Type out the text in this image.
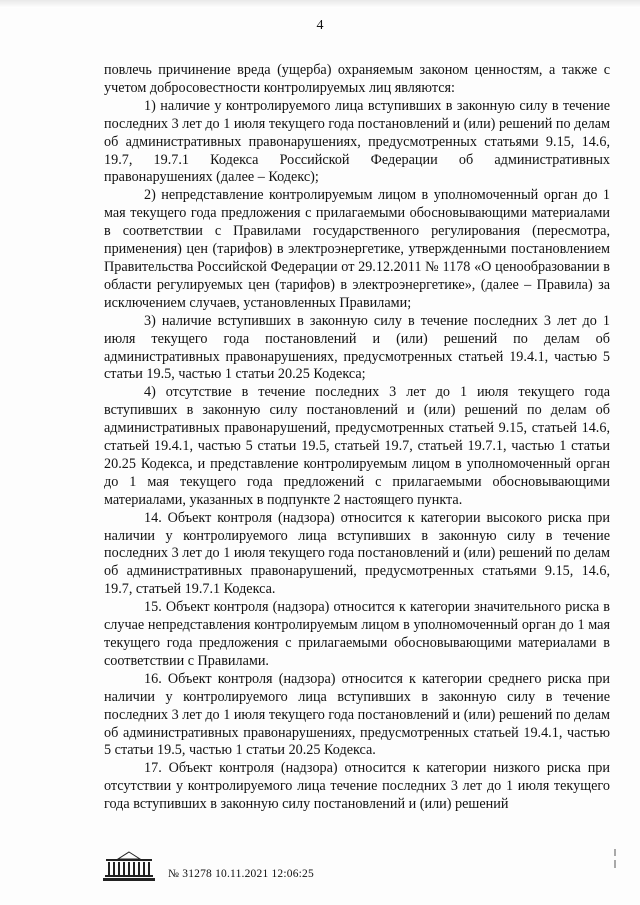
4

повлечь причинение вреда (ущерба) охраняемым законом ценностям, а также с учетом добросовестности контролируемых лиц являются:

1) наличие у контролируемого лица вступивших в законную силу в течение последних 3 лет до 1 июля текущего года постановлений и (или) решений по делам об административных правонарушениях, предусмотренных статьями 9.15, 14.6, 19.7, 19.7.1 Кодекса Российской Федерации об административных правонарушениях (далее – Кодекс);

2) непредставление контролируемым лицом в уполномоченный орган до 1 мая текущего года предложения с прилагаемыми обосновывающими материалами в соответствии с Правилами государственного регулирования (пересмотра, применения) цен (тарифов) в электроэнергетике, утвержденными постановлением Правительства Российской Федерации от 29.12.2011 № 1178 «О ценообразовании в области регулируемых цен (тарифов) в электроэнергетике», (далее – Правила) за исключением случаев, установленных Правилами;

3) наличие вступивших в законную силу в течение последних 3 лет до 1 июля текущего года постановлений и (или) решений по делам об административных правонарушениях, предусмотренных статьей 19.4.1, частью 5 статьи 19.5, частью 1 статьи 20.25 Кодекса;

4) отсутствие в течение последних 3 лет до 1 июля текущего года вступивших в законную силу постановлений и (или) решений по делам об административных правонарушений, предусмотренных статьей 9.15, статьей 14.6, статьей 19.4.1, частью 5 статьи 19.5, статьей 19.7, статьей 19.7.1, частью 1 статьи 20.25 Кодекса, и представление контролируемым лицом в уполномоченный орган до 1 мая текущего года предложений с прилагаемыми обосновывающими материалами, указанных в подпункте 2 настоящего пункта.

14. Объект контроля (надзора) относится к категории высокого риска при наличии у контролируемого лица вступивших в законную силу в течение последних 3 лет до 1 июля текущего года постановлений и (или) решений по делам об административных правонарушений, предусмотренных статьями 9.15, 14.6, 19.7, статьей 19.7.1 Кодекса.

15. Объект контроля (надзора) относится к категории значительного риска в случае непредставления контролируемым лицом в уполномоченный орган до 1 мая текущего года предложения с прилагаемыми обосновывающими материалами в соответствии с Правилами.

16. Объект контроля (надзора) относится к категории среднего риска при наличии у контролируемого лица вступивших в законную силу в течение последних 3 лет до 1 июля текущего года постановлений и (или) решений по делам об административных правонарушениях, предусмотренных статьей 19.4.1, частью 5 статьи 19.5, частью 1 статьи 20.25 Кодекса.

17. Объект контроля (надзора) относится к категории низкого риска при отсутствии у контролируемого лица течение последних 3 лет до 1 июля текущего года вступивших в законную силу постановлений и (или) решений

№ 31278 10.11.2021 12:06:25
